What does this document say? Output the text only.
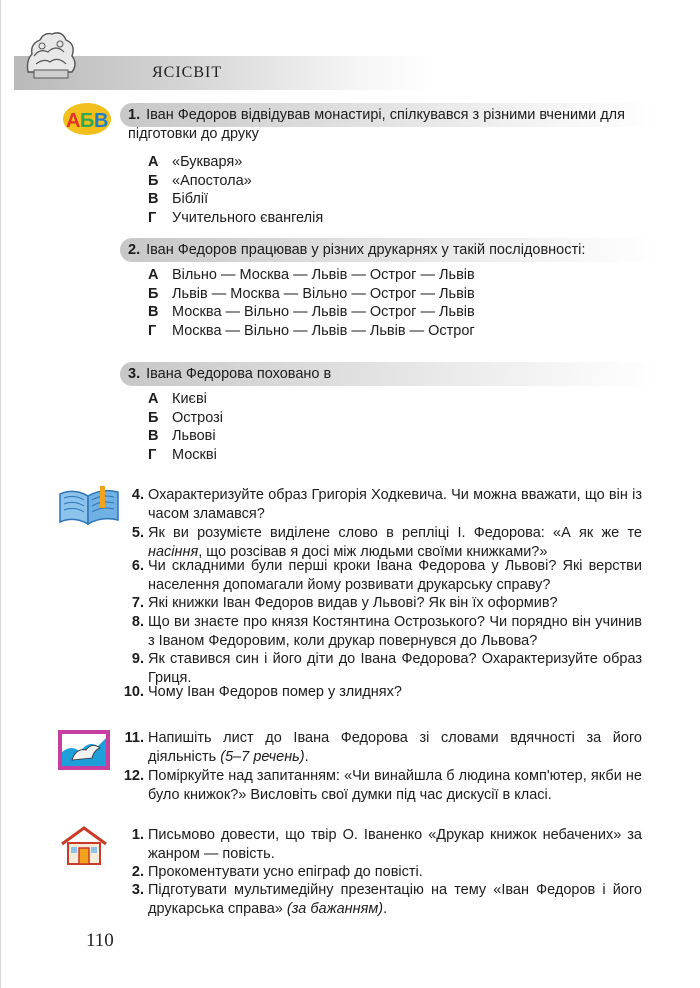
ЯСІСВІТ
А Б В 1. Іван Федоров відвідував монастирі, спілкувався з різними вченими для підготовки до друку
А «Букваря»
Б «Апостола»
В Біблії
Г Учительного євангелія
2. Іван Федоров працював у різних друкарнях у такій послідовності:
А Вільно — Москва — Львів — Острог — Львів
Б Львів — Москва — Вільно — Острог — Львів
В Москва — Вільно — Львів — Острог — Львів
Г Москва — Вільно — Львів — Львів — Острог
3. Івана Федорова поховано в
А Києві
Б Острозі
В Львові
Г Москві
4. Охарактеризуйте образ Григорія Ходкевича. Чи можна вважати, що він із часом зламався?
5. Як ви розумієте виділене слово в репліці І. Федорова: «А як же те насіння, що розсівав я досі між людьми своїми книжками?»
6. Чи складними були перші кроки Івана Федорова у Львові? Які верстви населення допомагали йому розвивати друкарську справу?
7. Які книжки Іван Федоров видав у Львові? Як він їх оформив?
8. Що ви знаєте про князя Костянтина Острозького? Чи порядно він учинив з Іваном Федоровим, коли друкар повернувся до Львова?
9. Як ставився син і його діти до Івана Федорова? Охарактеризуйте образ Гриця.
10. Чому Іван Федоров помер у злиднях?
11. Напишіть лист до Івана Федорова зі словами вдячності за його діяльність (5–7 речень).
12. Поміркуйте над запитанням: «Чи винайшла б людина комп'ютер, якби не було книжок?» Висловіть свої думки під час дискусії в класі.
1. Письмово довести, що твір О. Іваненко «Друкар книжок небачених» за жанром — повість.
2. Прокоментувати усно епіграф до повісті.
3. Підготувати мультимедійну презентацію на тему «Іван Федоров і його друкарська справа» (за бажанням).
110
